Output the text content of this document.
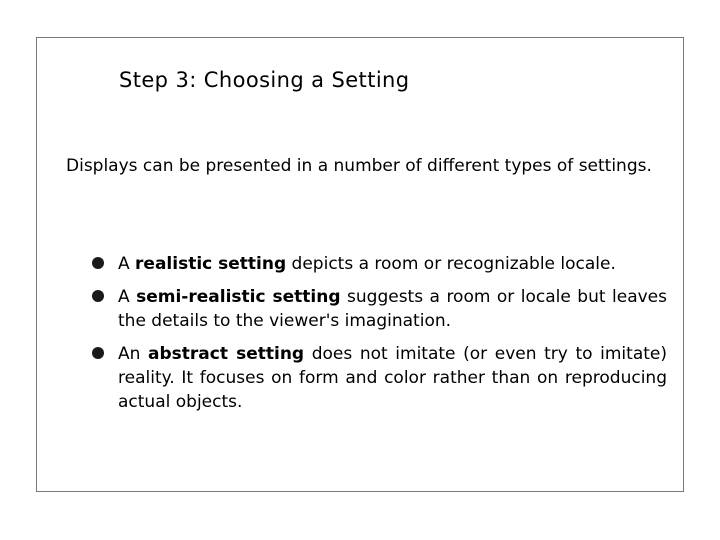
Step 3: Choosing a Setting
Displays can be presented in a number of different types of settings.
A realistic setting depicts a room or recognizable locale.
A semi-realistic setting suggests a room or locale but leaves the details to the viewer's imagination.
An abstract setting does not imitate (or even try to imitate) reality. It focuses on form and color rather than on reproducing actual objects.
